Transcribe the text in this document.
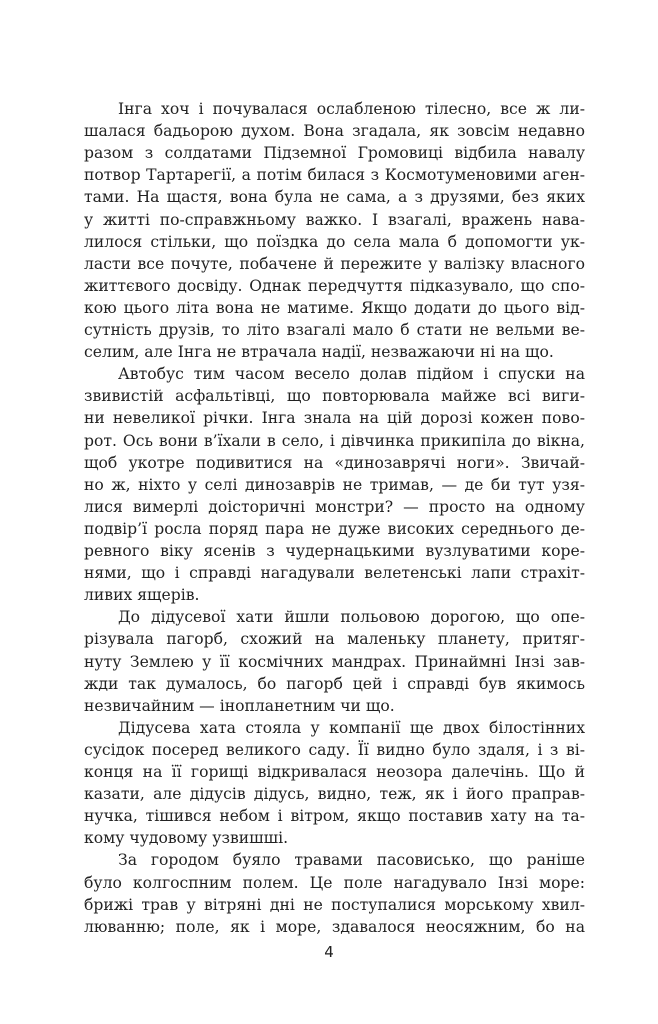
Інга хоч і почувалася ослабленою тілесно, все ж ли-
шалася бадьорою духом. Вона згадала, як зовсім недавно
разом з солдатами Підземної Громовиці відбила навалу
потвор Тартарегії, а потім билася з Космотуменовими аген-
тами. На щастя, вона була не сама, а з друзями, без яких
у житті по-справжньому важко. І взагалі, вражень нава-
лилося стільки, що поїздка до села мала б допомогти ук-
ласти все почуте, побачене й пережите у валізку власного
життєвого досвіду. Однак передчуття підказувало, що спо-
кою цього літа вона не матиме. Якщо додати до цього від-
сутність друзів, то літо взагалі мало б стати не вельми ве-
селим, але Інга не втрачала надії, незважаючи ні на що.
Автобус тим часом весело долав підйом і спуски на
звивистій асфальтівці, що повторювала майже всі виги-
ни невеликої річки. Інга знала на цій дорозі кожен пово-
рот. Ось вони в’їхали в село, і дівчинка прикипіла до вікна,
щоб укотре подивитися на «динозаврячі ноги». Звичай-
но ж, ніхто у селі динозаврів не тримав, — де би тут узя-
лися вимерлі доісторичні монстри? — просто на одному
подвір’ї росла поряд пара не дуже високих середнього де-
ревного віку ясенів з чудернацькими вузлуватими коре-
нями, що і справді нагадували велетенські лапи страхіт-
ливих ящерів.
До дідусевої хати йшли польовою дорогою, що опе-
різувала пагорб, схожий на маленьку планету, притяг-
нуту Землею у її космічних мандрах. Принаймні Інзі зав-
жди так думалось, бо пагорб цей і справді був якимось
незвичайним — інопланетним чи що.
Дідусева хата стояла у компанії ще двох білостінних
сусідок посеред великого саду. Її видно було здаля, і з ві-
конця на її горищі відкривалася неозора далечінь. Що й
казати, але дідусів дідусь, видно, теж, як і його праправ-
нучка, тішився небом і вітром, якщо поставив хату на та-
кому чудовому узвишші.
За городом буяло травами пасовисько, що раніше
було колгоспним полем. Це поле нагадувало Інзі море:
брижі трав у вітряні дні не поступалися морському хвил-
люванню; поле, як і море, здавалося неосяжним, бо на
4
